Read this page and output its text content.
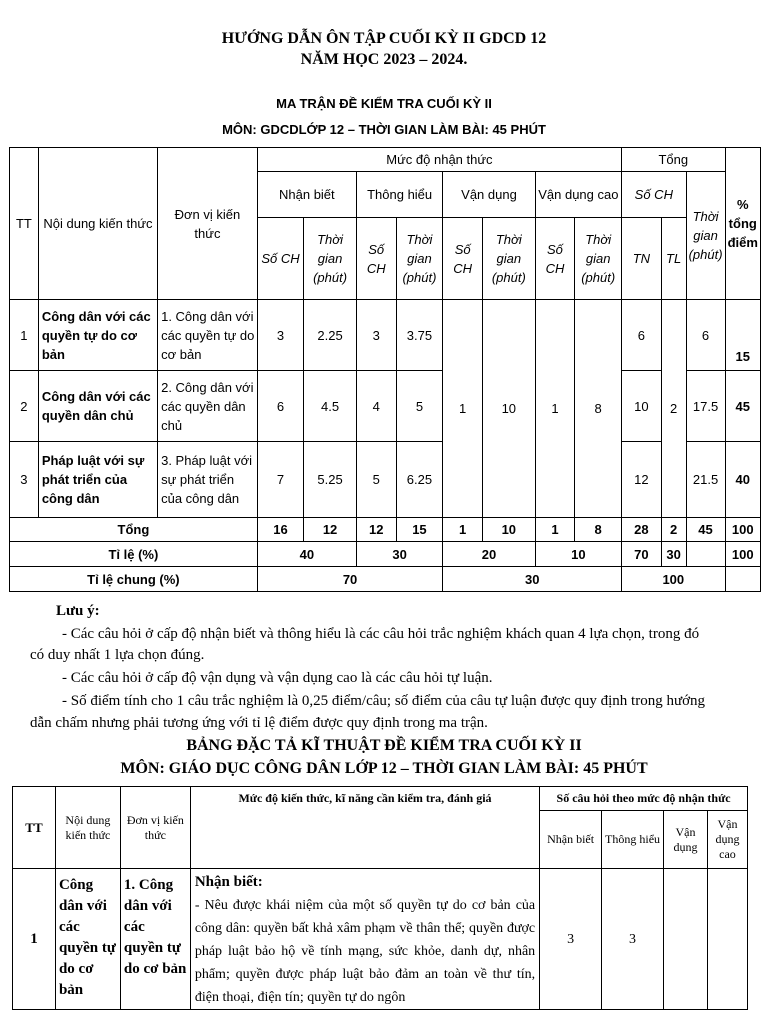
HƯỚNG DẪN ÔN TẬP CUỐI KỲ II GDCD 12
NĂM HỌC 2023 – 2024.
MA TRẬN ĐỀ KIỂM TRA CUỐI KỲ II
MÔN: GDCDLỚP 12 – THỜI GIAN LÀM BÀI: 45 PHÚT
TT	Nội dung kiến thức	Đơn vị kiến thức	Mức độ nhận thức								Tổng			% tổng điểm
			Nhận biết		Thông hiểu		Vận dụng		Vận dụng cao		Số CH		Thời gian (phút)	
			Số CH	Thời gian (phút)	Số CH	Thời gian (phút)	Số CH	Thời gian (phút)	Số CH	Thời gian (phút)	TN	TL		
1	Công dân với các quyền tự do cơ bản	1. Công dân với các quyền tự do cơ bản	3	2.25	3	3.75	1	10	1	8	6	2	6	15
2	Công dân với các quyền dân chủ	2. Công dân với các quyền dân chủ	6	4.5	4	5					10		17.5	45
3	Pháp luật với sự phát triển của công dân	3. Pháp luật với sự phát triển của công dân	7	5.25	5	6.25					12		21.5	40
Tổng			16	12	12	15	1	10	1	8	28	2	45	100
Tỉ lệ (%)			40		30		20		10		70	30		100
Tỉ lệ chung (%)			70				30				100			
Lưu ý:
- Các câu hỏi ở cấp độ nhận biết và thông hiểu là các câu hỏi trắc nghiệm khách quan 4 lựa chọn, trong đó
có duy nhất 1 lựa chọn đúng.
- Các câu hỏi ở cấp độ vận dụng và vận dụng cao là các câu hỏi tự luận.
- Số điểm tính cho 1 câu trắc nghiệm là 0,25 điểm/câu; số điểm của câu tự luận được quy định trong hướng
dẫn chấm nhưng phải tương ứng với tỉ lệ điểm được quy định trong ma trận.
BẢNG ĐẶC TẢ KĨ THUẬT ĐỀ KIỂM TRA CUỐI KỲ II
MÔN: GIÁO DỤC CÔNG DÂN LỚP 12 – THỜI GIAN LÀM BÀI: 45 PHÚT
TT	Nội dung kiến thức	Đơn vị kiến thức	Mức độ kiến thức, kĩ năng cần kiểm tra, đánh giá	Số câu hỏi theo mức độ nhận thức			
				Nhận biết	Thông hiểu	Vận dụng	Vận dụng cao
1	Công dân với các quyền tự do cơ bản	1. Công dân với các quyền tự do cơ bản	Nhận biết:
- Nêu được khái niệm của một số quyền tự do cơ bản của công dân: quyền bất khả xâm phạm về thân thể; quyền được pháp luật bảo hộ về tính mạng, sức khỏe, danh dự, nhân phẩm; quyền được pháp luật bảo đảm an toàn về thư tín, điện thoại, điện tín; quyền tự do ngôn	3	3		
